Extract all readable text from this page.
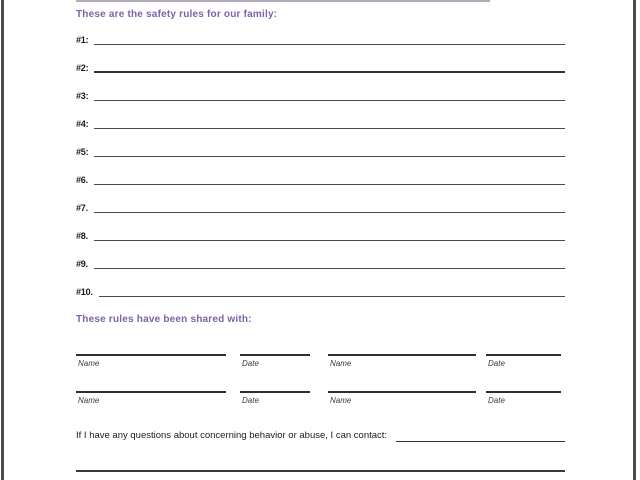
These are the safety rules for our family:
#1:
#2:
#3:
#4:
#5:
#6.
#7.
#8.
#9.
#10.
These rules have been shared with:
Name	Date	Name	Date
Name	Date	Name	Date
If I have any questions about concerning behavior or abuse, I can contact:
